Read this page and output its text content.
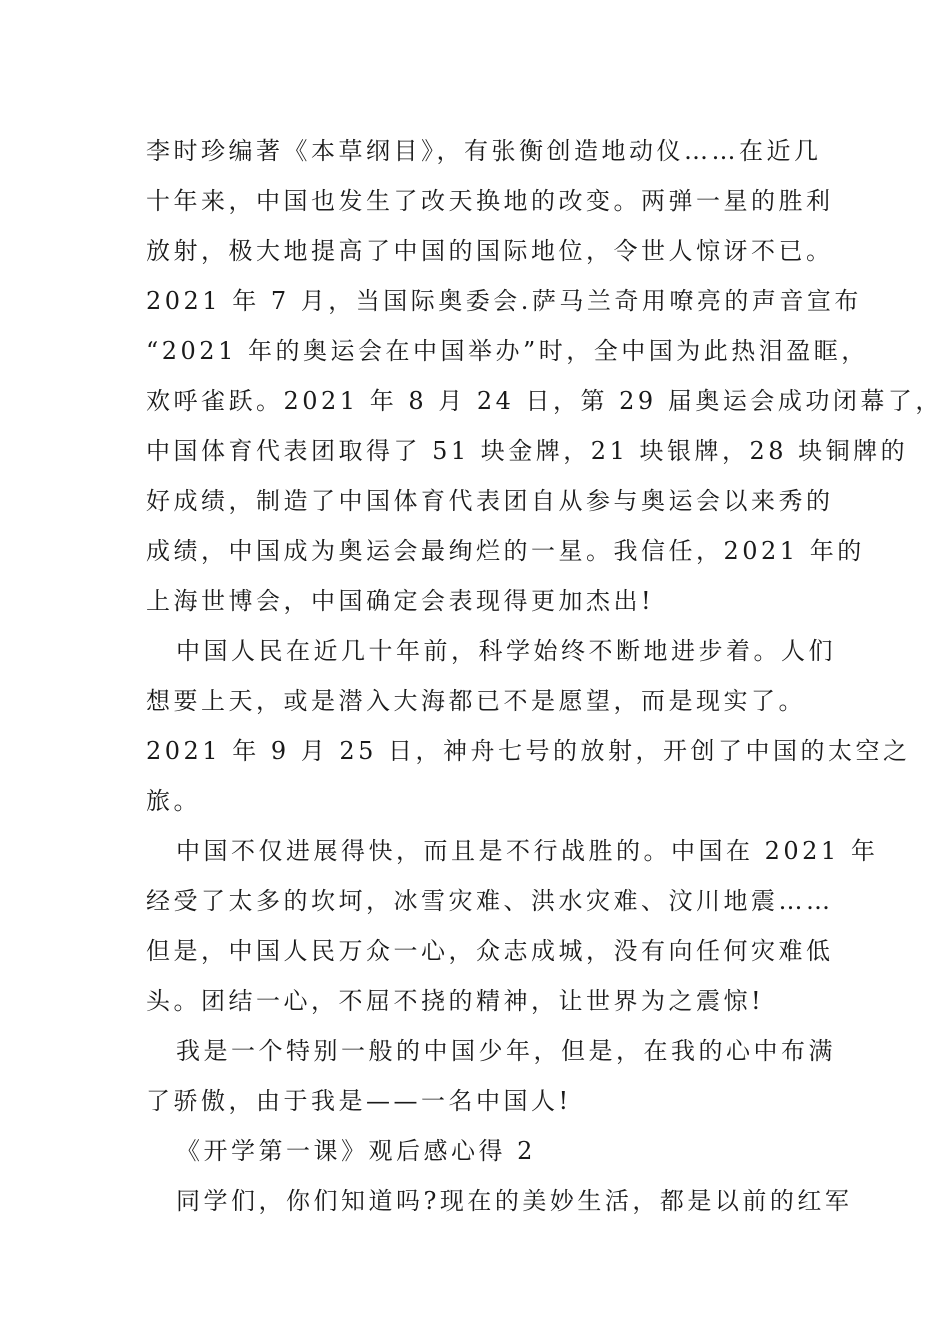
李时珍编著《本草纲目》，有张衡创造地动仪……在近几
十年来，中国也发生了改天换地的改变。两弹一星的胜利
放射，极大地提高了中国的国际地位，令世人惊讶不已。
2021 年 7 月，当国际奥委会.萨马兰奇用嘹亮的声音宣布
“2021 年的奥运会在中国举办”时，全中国为此热泪盈眶，
欢呼雀跃。2021 年 8 月 24 日，第 29 届奥运会成功闭幕了，
中国体育代表团取得了 51 块金牌，21 块银牌，28 块铜牌的
好成绩，制造了中国体育代表团自从参与奥运会以来秀的
成绩，中国成为奥运会最绚烂的一星。我信任，2021 年的
上海世博会，中国确定会表现得更加杰出!
中国人民在近几十年前，科学始终不断地进步着。人们
想要上天，或是潜入大海都已不是愿望，而是现实了。
2021 年 9 月 25 日，神舟七号的放射，开创了中国的太空之
旅。
中国不仅进展得快，而且是不行战胜的。中国在 2021 年
经受了太多的坎坷，冰雪灾难、洪水灾难、汶川地震……
但是，中国人民万众一心，众志成城，没有向任何灾难低
头。团结一心，不屈不挠的精神，让世界为之震惊!
我是一个特别一般的中国少年，但是，在我的心中布满
了骄傲，由于我是——一名中国人!
《开学第一课》观后感心得 2
同学们，你们知道吗?现在的美妙生活，都是以前的红军
